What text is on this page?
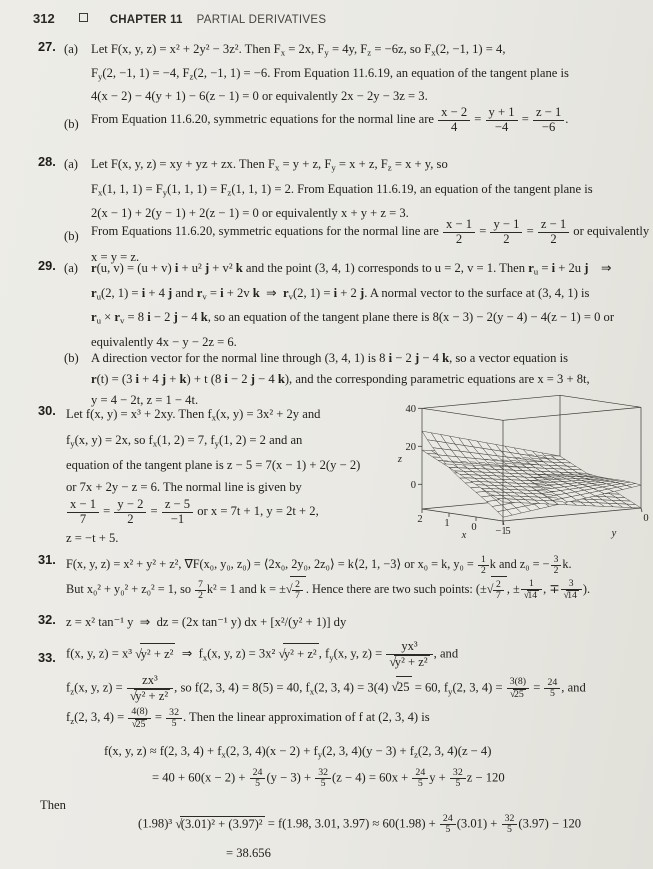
312	CHAPTER 11 PARTIAL DERIVATIVES
27. (a) Let F(x, y, z) = x² + 2y² − 3z². Then $F_x = 2x$, $F_y = 4y$, $F_z = -6z$, so $F_x(2$, −1, 1) = 4,
$F_y(2$, −1, 1) = −4, $F_z(2$, −1, 1) = −6. From Equation 11.6.19, an equation of the tangent plane is
4(x − 2) − 4(y + 1) − 6(z − 1) = 0 or equivalently 2x − 2y − 3z = 3.
(b) From Equation 11.6.20, symmetric equations for the normal line are $\frac{x - 2}{4} = \frac{y + 1}{-4} = \frac{z - 1}{-6}$ .
28. (a) Let F(x, y, z) = xy + yz + zx. Then $F_x = y + z$, $F_y = x + z$, $F_z = x + y$, so
$F_x(1$, 1, $1) = F_y(1$, 1, $1) = F_z(1$, 1, 1) = 2. From Equation 11.6.19, an equation of the tangent plane is
2(x − 1) + 2(y − 1) + 2(z − 1) = 0 or equivalently x + y + z = 3.
(b) From Equations 11.6.20, symmetric equations for the normal line are $\frac{x - 1}{2} = \frac{y - 1}{2} = \frac{z - 1}{2}$ or equivalently
x = y = z.
29. (a) r(u, v) = (u + v) i + u² j + v² k and the point (3, 4, 1) corresponds to u = 2, v = 1. Then $r_u = i + 2u$ j ⇒
$r_u(2$, 1) = i + 4 j and $r_v = i + 2v$ k ⇒ $r_v(2$, 1) = i + 2 j. A normal vector to the surface at (3, 4, 1) is
$r_u \times r_v = 8$ i − 2 j − 4 k, so an equation of the tangent plane there is 8(x − 3) − 2(y − 4) − 4(z − 1) = 0 or
equivalently 4x − y − 2z = 6.
(b) A direction vector for the normal line through (3, 4, 1) is 8 i − 2 j − 4 k, so a vector equation is
r(t) = (3 i + 4 j + k) + t (8 i − 2 j − 4 k), and the corresponding parametric equations are x = 3 + 8t,
y = 4 − 2t, z = 1 − 4t.
30. Let f(x, y) = x³ + 2xy. Then $f_x(x$, y) = 3x² + 2y and
$f_y(x$, y) = 2x, so $f_x(1$, 2) = 7, $f_y(1$, 2) = 2 and an
equation of the tangent plane is z − 5 = 7(x − 1) + 2(y − 2)
or 7x + 2y − z = 6. The normal line is given by
$\frac{x - 1}{7} = \frac{y - 2}{2} = \frac{z - 5}{-1}$ or x = 7t + 1, y = 2t + 2,
z = −t + 5.
0
20
40
2 1 0 −1
5
0
z
x	y
31. F(x, y, z) = x² + y² + z², ∇F(x₀, y₀, z₀) = ⟨2x₀, 2y₀, 2z₀⟩ = k⟨2, 1, −3⟩ or x₀ = k, $y_0 = \frac{1}{2}$ k and z₀ = − $\frac{3}{2} k$.
But x₀² + y₀² + z₀² = 1, so $\frac{7}{2} k^2 = 1$ and k = ±√ $\frac{2}{7}$ . Hence there are two such points: (±√ $\frac{2}{7}$ , ± $\frac{1}{√14}$ , ∓ $\frac{3}{√14}$ ).
32. z = x² tan⁻¹ y ⇒ dz = (2x tan⁻¹ y) dx + [x²/(y² + 1)] dy
33. f(x, y, z) = x³ √y² + z² ⇒ $f_x(x$, y, z) = 3x² √y² + z² , $f_y(x$, y, $z) = \frac{\text{yx³}}{\text{√y² + z²}}$ , and
$f_z(x$, y, $z) = \frac{\text{zx³}}{\text{√y² + z²}}$ , so f(2, 3, 4) = 8(5) = 40, $f_x(2$, 3, 4) = 3(4) √25 = 60, $f_y(2$, 3, $4) = \frac{3(8)}{√25} = \frac{24}{5}$ , and
$f_z(2$, 3, $4) = \frac{4(8)}{√25} = \frac{32}{5}$ . Then the linear approximation of f at (2, 3, 4) is
f(x, y, z) ≈ f(2, 3, $4) + f_x(2$, 3, $4)(x - 2) + f_y(2$, 3, $4)(y - 3) + f_z(2$, 3, 4)(z − 4)
= $40 + 60(x - 2) + \frac{24}{5} (y - 3) + \frac{32}{5} (z - 4) = 60x + \frac{24}{5}$ $y + \frac{32}{5}$ z − 120
Then
(1.98)³ √(3.01)² + (3.97)² = f(1.98, 3.01, $3.97) \approx 60(1.98) + \frac{24}{5} (3.01) + \frac{32}{5} (3.97) - 120$
= 38.656
